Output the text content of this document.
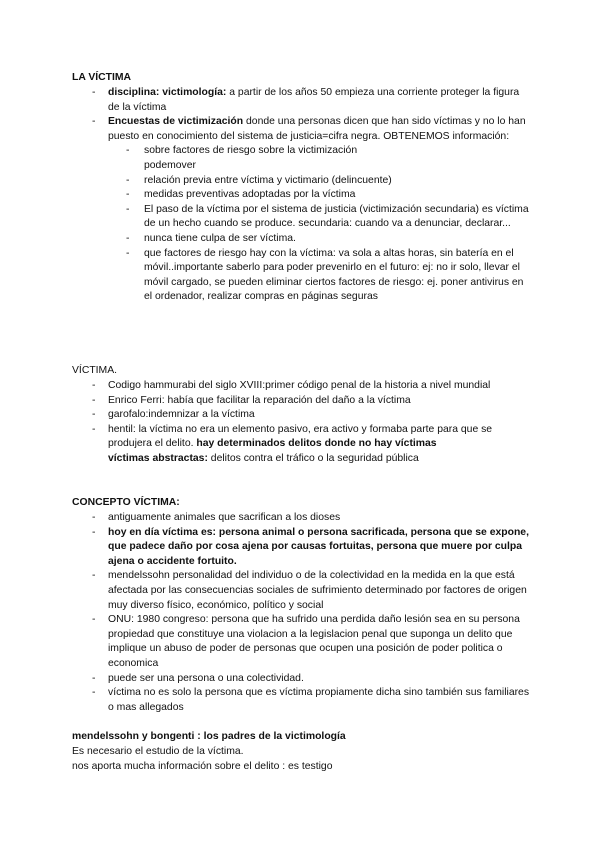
LA VÍCTIMA
- disciplina: victimología: a partir de los años 50 empieza una corriente proteger la figura de la víctima
- Encuestas de victimización donde una personas dicen que han sido víctimas y no lo han puesto en conocimiento del sistema de justicia=cifra negra. OBTENEMOS información:
- sobre factores de riesgo sobre la victimización
podemover
- relación previa entre víctima y victimario (delincuente)
- medidas preventivas adoptadas por la víctima
- El paso de la víctima por el sistema de justicia (victimización secundaria) es víctima de un hecho cuando se produce. secundaria: cuando va a denunciar, declarar...
- nunca tiene culpa de ser víctima.
- que factores de riesgo hay con la víctima: va sola a altas horas, sin batería en el móvil..importante saberlo para poder prevenirlo en el futuro: ej: no ir solo, llevar el móvil cargado, se pueden eliminar ciertos factores de riesgo: ej. poner antivirus en el ordenador, realizar compras en páginas seguras
VÍCTIMA.
- Codigo hammurabi del siglo XVIII:primer código penal de la historia a nivel mundial
- Enrico Ferri: había que facilitar la reparación del daño a la víctima
- garofalo:indemnizar a la víctima
- hentil: la víctima no era un elemento pasivo, era activo y formaba parte para que se produjera el delito. hay determinados delitos donde no hay víctimas
víctimas abstractas: delitos contra el tráfico o la seguridad pública
CONCEPTO VÍCTIMA:
- antiguamente animales que sacrifican a los dioses
- hoy en día víctima es: persona animal o persona sacrificada, persona que se expone, que padece daño por cosa ajena por causas fortuitas, persona que muere por culpa ajena o accidente fortuito.
- mendelssohn personalidad del individuo o de la colectividad en la medida en la que está afectada por las consecuencias sociales de sufrimiento determinado por factores de origen muy diverso físico, económico, político y social
- ONU: 1980 congreso: persona que ha sufrido una perdida daño lesión sea en su persona propiedad que constituye una violacion a la legislacion penal que suponga un delito que implique un abuso de poder de personas que ocupen una posición de poder politica o economica
- puede ser una persona o una colectividad.
- víctima no es solo la persona que es víctima propiamente dicha sino también sus familiares o mas allegados
mendelssohn y bongenti : los padres de la victimología
Es necesario el estudio de la víctima.
nos aporta mucha información sobre el delito : es testigo
